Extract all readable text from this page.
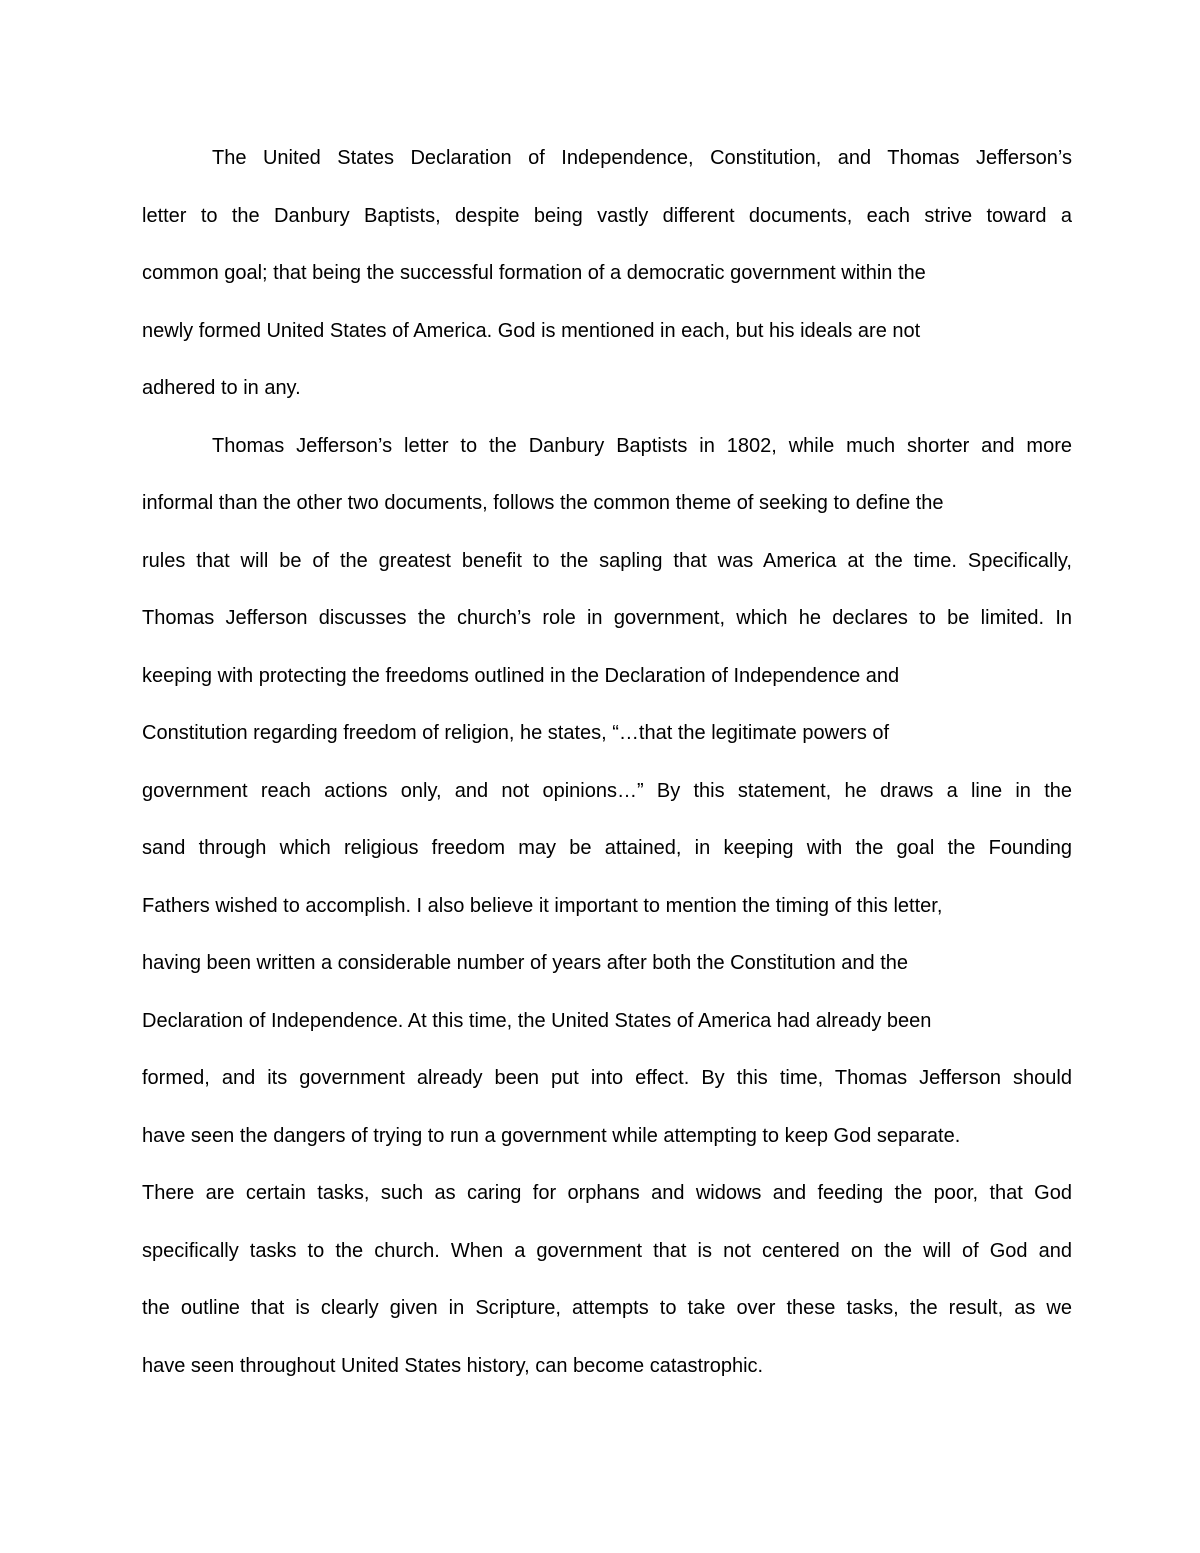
The United States Declaration of Independence, Constitution, and Thomas Jefferson’s
letter to the Danbury Baptists, despite being vastly different documents, each strive toward a
common goal; that being the successful formation of a democratic government within the
newly formed United States of America. God is mentioned in each, but his ideals are not
adhered to in any.
Thomas Jefferson’s letter to the Danbury Baptists in 1802, while much shorter and more
informal than the other two documents, follows the common theme of seeking to define the
rules that will be of the greatest benefit to the sapling that was America at the time. Specifically,
Thomas Jefferson discusses the church’s role in government, which he declares to be limited. In
keeping with protecting the freedoms outlined in the Declaration of Independence and
Constitution regarding freedom of religion, he states, “…that the legitimate powers of
government reach actions only, and not opinions…” By this statement, he draws a line in the
sand through which religious freedom may be attained, in keeping with the goal the Founding
Fathers wished to accomplish. I also believe it important to mention the timing of this letter,
having been written a considerable number of years after both the Constitution and the
Declaration of Independence. At this time, the United States of America had already been
formed, and its government already been put into effect. By this time, Thomas Jefferson should
have seen the dangers of trying to run a government while attempting to keep God separate.
There are certain tasks, such as caring for orphans and widows and feeding the poor, that God
specifically tasks to the church. When a government that is not centered on the will of God and
the outline that is clearly given in Scripture, attempts to take over these tasks, the result, as we
have seen throughout United States history, can become catastrophic.
